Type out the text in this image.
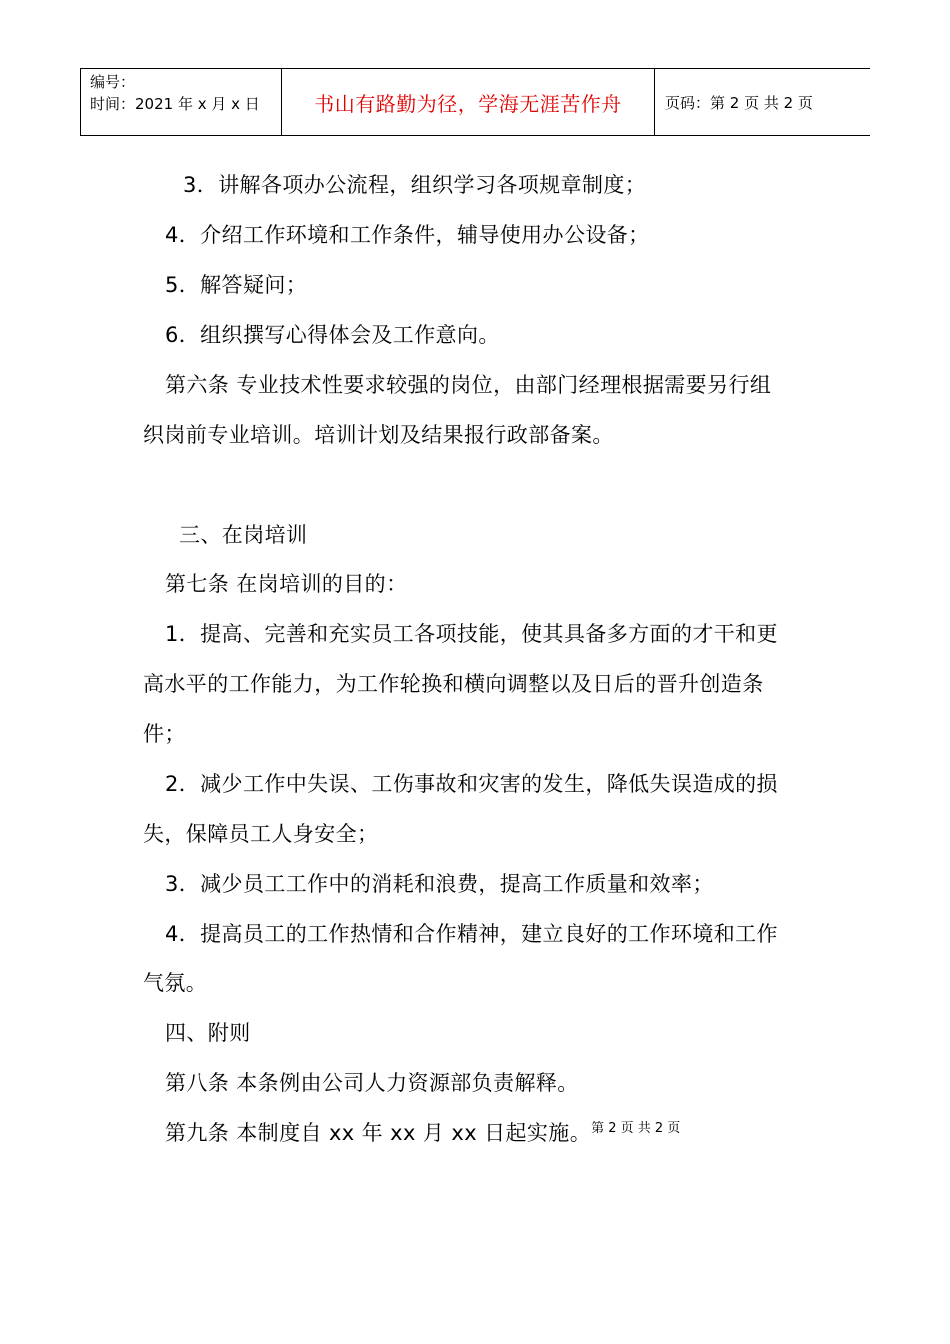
编号：
时间：2021 年 x 月 x 日	书山有路勤为径，学海无涯苦作舟	页码：第 2 页 共 2 页
3．讲解各项办公流程，组织学习各项规章制度；
4．介绍工作环境和工作条件，辅导使用办公设备；
5．解答疑问；
6．组织撰写心得体会及工作意向。
第六条 专业技术性要求较强的岗位，由部门经理根据需要另行组
织岗前专业培训。培训计划及结果报行政部备案。
三、在岗培训
第七条 在岗培训的目的：
1．提高、完善和充实员工各项技能，使其具备多方面的才干和更
高水平的工作能力，为工作轮换和横向调整以及日后的晋升创造条
件；
2．减少工作中失误、工伤事故和灾害的发生，降低失误造成的损
失，保障员工人身安全；
3．减少员工工作中的消耗和浪费，提高工作质量和效率；
4．提高员工的工作热情和合作精神，建立良好的工作环境和工作
气氛。
四、附则
第八条 本条例由公司人力资源部负责解释。
第九条 本制度自 xx 年 xx 月 xx 日起实施。$^{第 2 页 共 2 页}$
